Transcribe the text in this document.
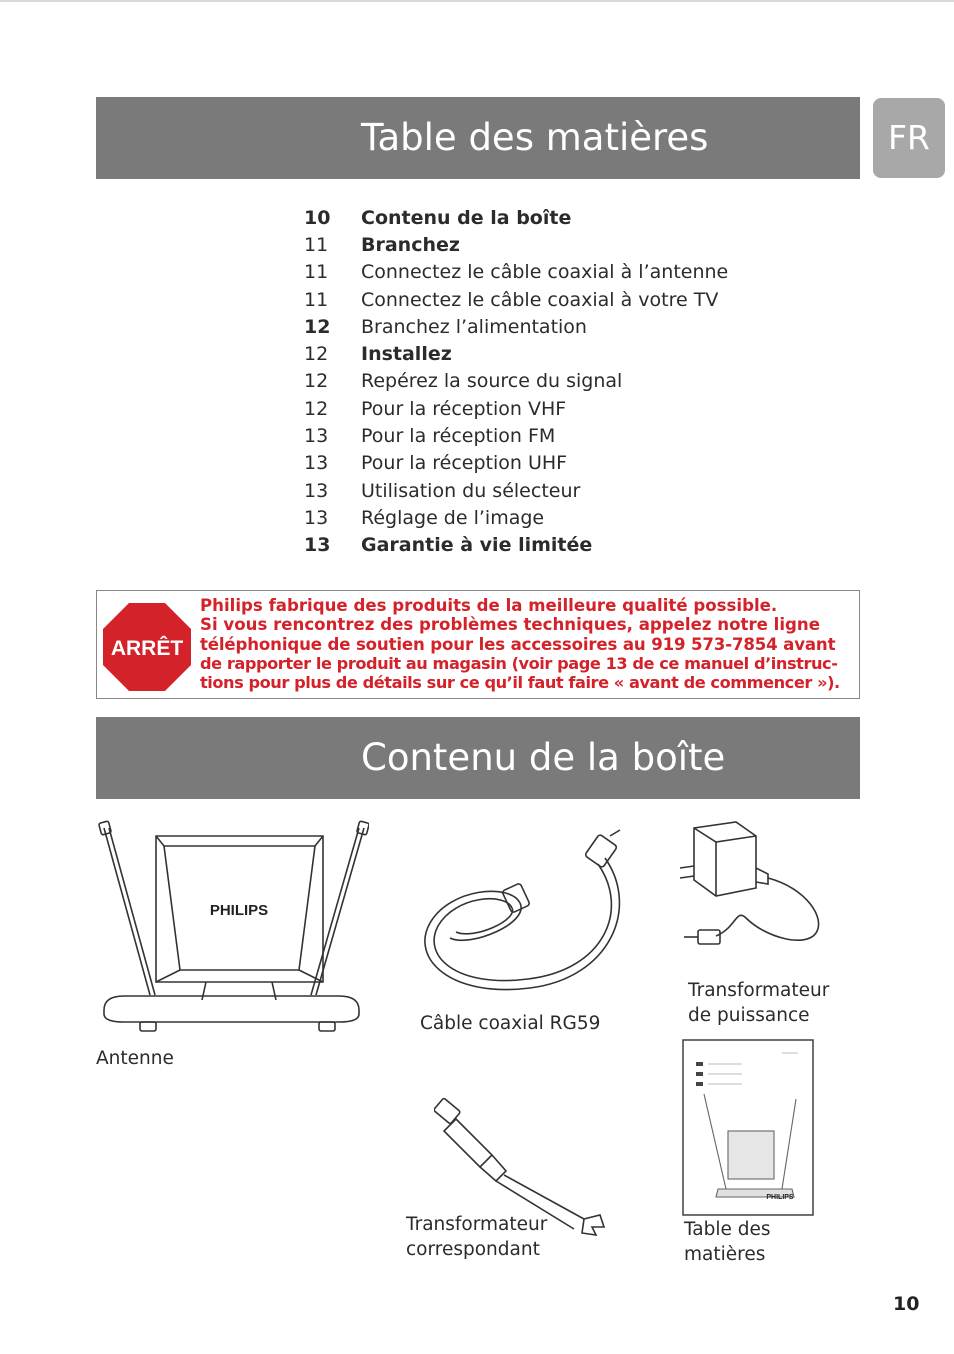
Table des matières	FR
10	Contenu de la boîte
11	Branchez
11	Connectez le câble coaxial à l’antenne
11	Connectez le câble coaxial à votre TV
12	Branchez l’alimentation
12	Installez
12	Repérez la source du signal
12	Pour la réception VHF
13	Pour la réception FM
13	Pour la réception UHF
13	Utilisation du sélecteur
13	Réglage de l’image
13	Garantie à vie limitée
ARRÊT
Philips fabrique des produits de la meilleure qualité possible.
Si vous rencontrez des problèmes techniques, appelez notre ligne
téléphonique de soutien pour les accessoires au 919 573-7854 avant
de rapporter le produit au magasin (voir page 13 de ce manuel d’instruc-
tions pour plus de détails sur ce qu’il faut faire « avant de commencer »).
Contenu de la boîte
PHILIPS
Antenne
Câble coaxial RG59
Transformateur
de puissance
PHILIPS
Table des
matières
Transformateur
correspondant
10
